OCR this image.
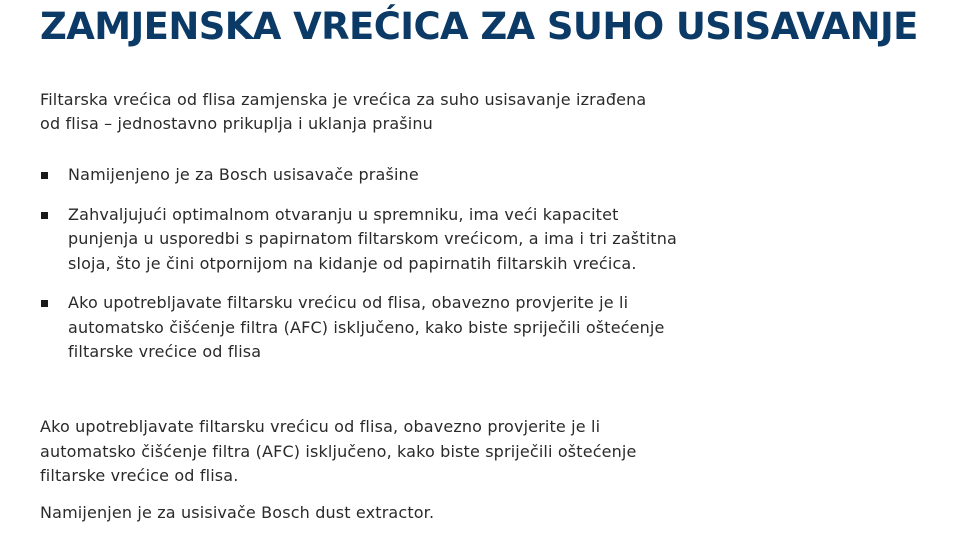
ZAMJENSKA VREĆICA ZA SUHO USISAVANJE

Filtarska vrećica od flisa zamjenska je vrećica za suho usisavanje izrađena od flisa – jednostavno prikuplja i uklanja prašinu

Namijenjeno je za Bosch usisavače prašine
Zahvaljujući optimalnom otvaranju u spremniku, ima veći kapacitet punjenja u usporedbi s papirnatom filtarskom vrećicom, a ima i tri zaštitna sloja, što je čini otpornijom na kidanje od papirnatih filtarskih vrećica.
Ako upotrebljavate filtarsku vrećicu od flisa, obavezno provjerite je li automatsko čišćenje filtra (AFC) isključeno, kako biste spriječili oštećenje filtarske vrećice od flisa

Ako upotrebljavate filtarsku vrećicu od flisa, obavezno provjerite je li automatsko čišćenje filtra (AFC) isključeno, kako biste spriječili oštećenje filtarske vrećice od flisa.

Namijenjen je za usisivače Bosch dust extractor.
